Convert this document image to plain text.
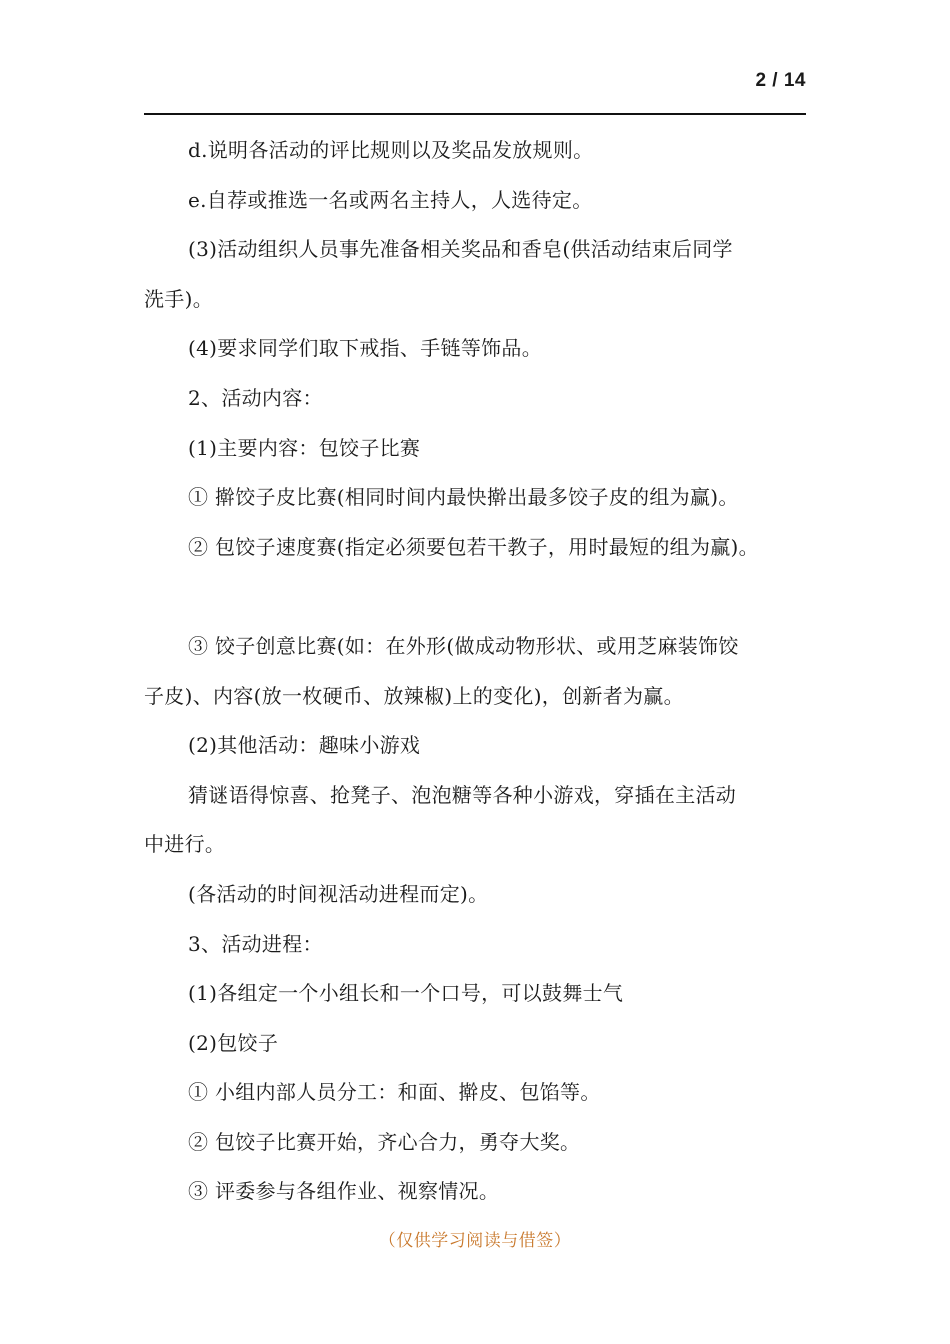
2 / 14
d.说明各活动的评比规则以及奖品发放规则。
e.自荐或推选一名或两名主持人，人选待定。
(3)活动组织人员事先准备相关奖品和香皂(供活动结束后同学
洗手)。
(4)要求同学们取下戒指、手链等饰品。
2、活动内容：
(1)主要内容：包饺子比赛
① 擀饺子皮比赛(相同时间内最快擀出最多饺子皮的组为赢)。
② 包饺子速度赛(指定必须要包若干教子，用时最短的组为赢)。
③ 饺子创意比赛(如：在外形(做成动物形状、或用芝麻装饰饺
子皮)、内容(放一枚硬币、放辣椒)上的变化)，创新者为赢。
(2)其他活动：趣味小游戏
猜谜语得惊喜、抢凳子、泡泡糖等各种小游戏，穿插在主活动
中进行。
(各活动的时间视活动进程而定)。
3、活动进程：
(1)各组定一个小组长和一个口号，可以鼓舞士气
(2)包饺子
① 小组内部人员分工：和面、擀皮、包馅等。
② 包饺子比赛开始，齐心合力，勇夺大奖。
③ 评委参与各组作业、视察情况。
（仅供学习阅读与借签）
